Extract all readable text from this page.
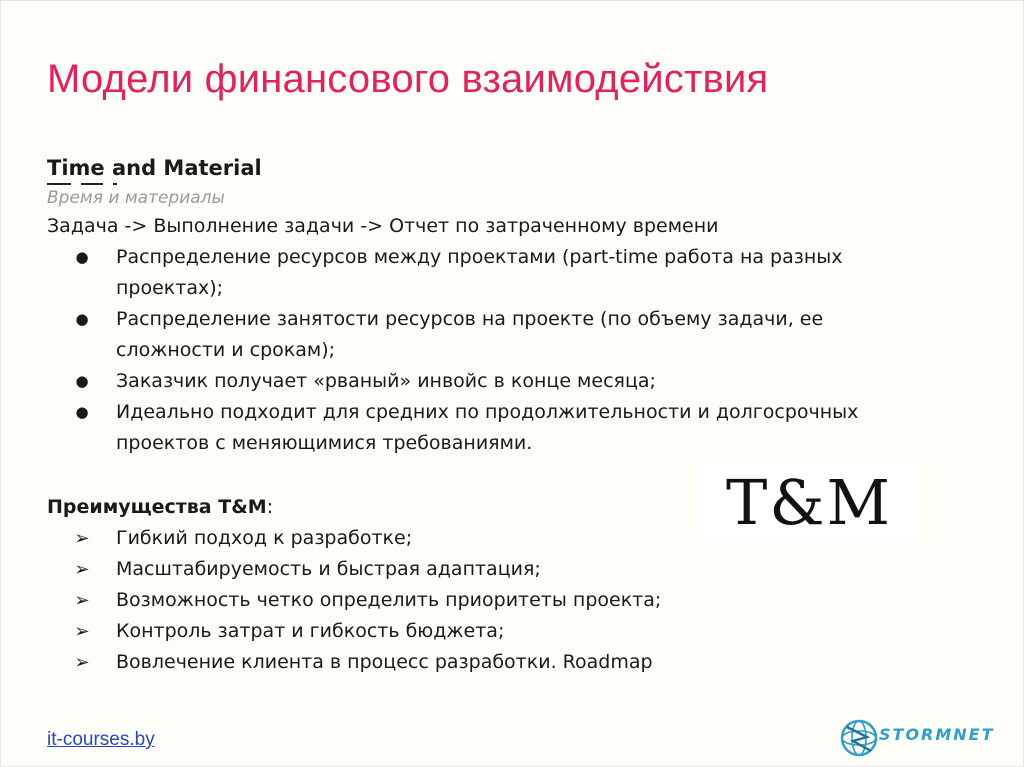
Модели финансового взаимодействия
Time and Material
Время и материалы
Задача -> Выполнение задачи -> Отчет по затраченному времени
●	Распределение ресурсов между проектами (part-time работа на разных
проектах);
●	Распределение занятости ресурсов на проекте (по объему задачи, ее
сложности и срокам);
●	Заказчик получает «рваный» инвойс в конце месяца;
●	Идеально подходит для средних по продолжительности и долгосрочных
проектов с меняющимися требованиями.
Преимущества T&M:
➢	Гибкий подход к разработке;
➢	Масштабируемость и быстрая адаптация;
➢	Возможность четко определить приоритеты проекта;
➢	Контроль затрат и гибкость бюджета;
➢	Вовлечение клиента в процесс разработки. Roadmap
T&M
it-courses.by	STORMNET
